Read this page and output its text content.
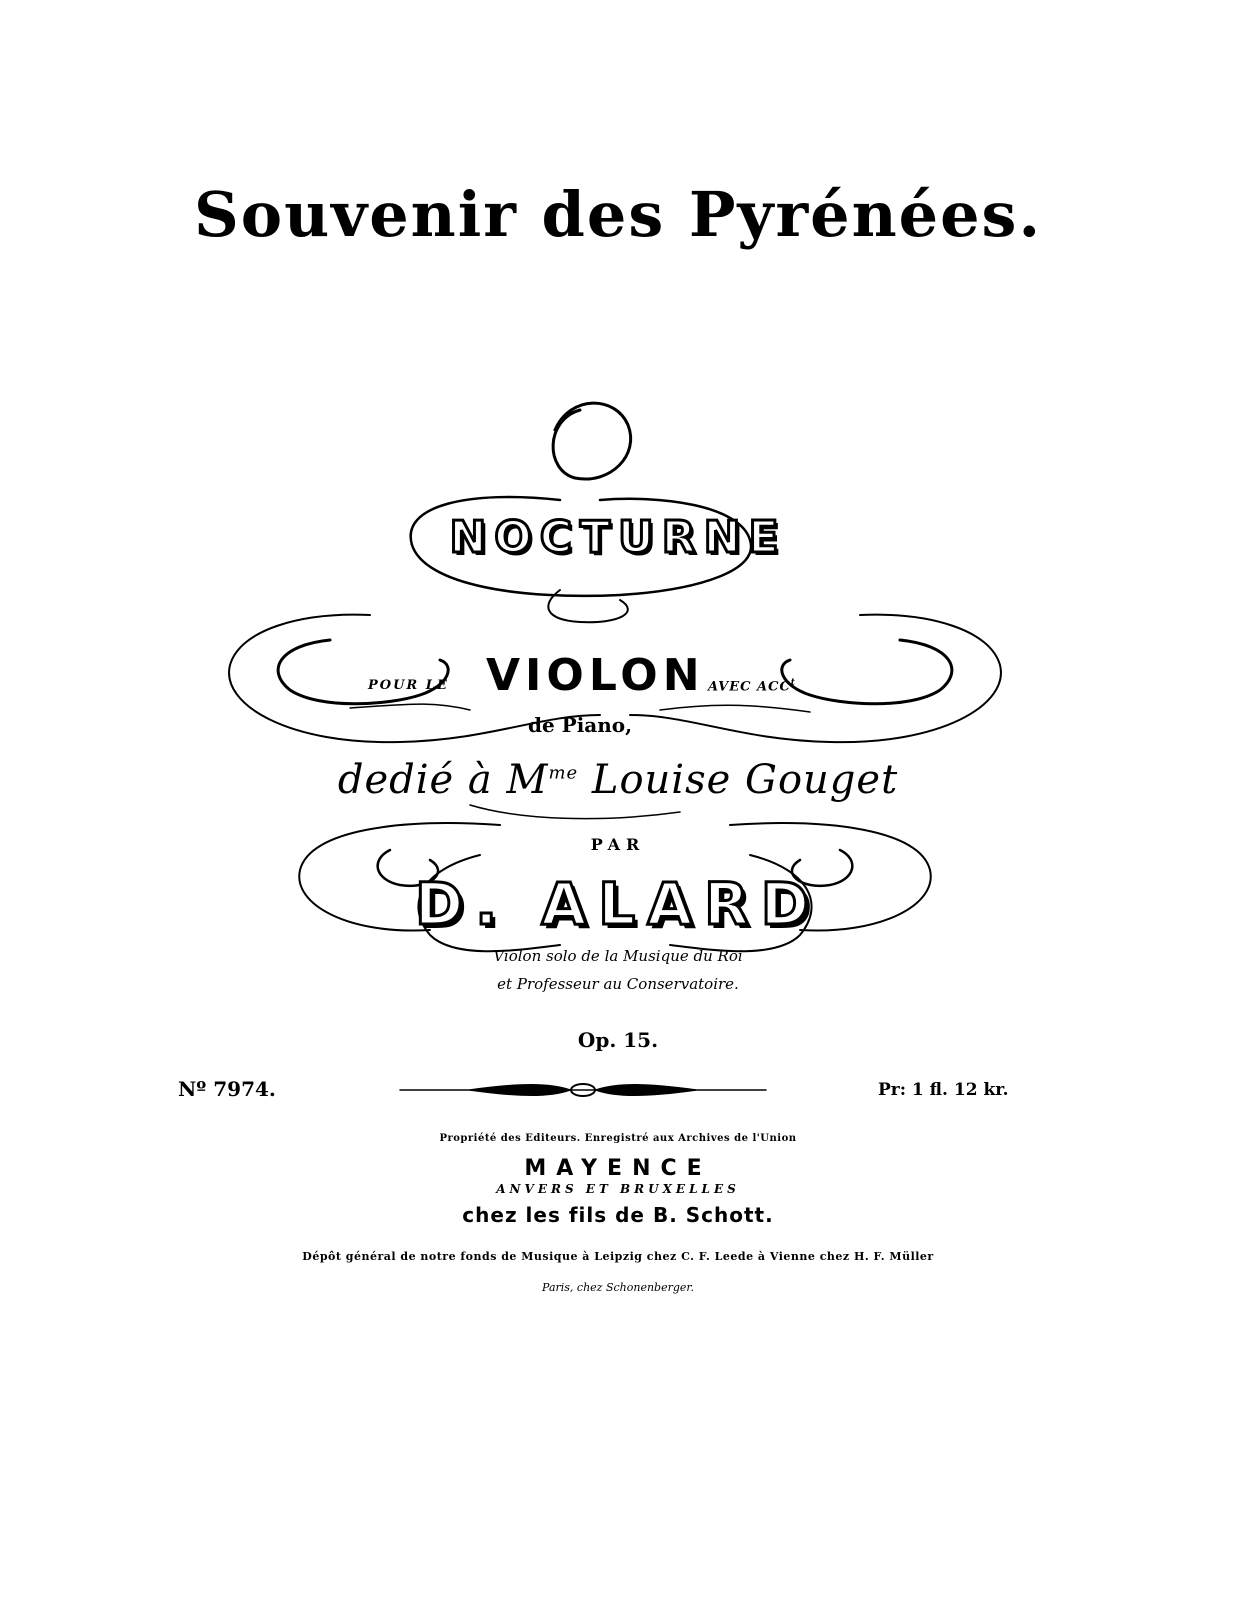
2.
Souvenir des Pyrénées.
NOCTURNE
POUR LE VIOLON AVEC ACC$^t$
de Piano,
dedié à $M^{me}$ Louise Gouget
PAR
D. ALARD
Violon solo de la Musique du Roi
et Professeur au Conservatoire.
Op. 15.
Nº 7974.	Pr: 1 fl. 12 kr.
Propriété des Editeurs. Enregistré aux Archives de l'Union
MAYENCE
ANVERS ET BRUXELLES
chez les fils de B. Schott.
Dépôt général de notre fonds de Musique à Leipzig chez C. F. Leede à Vienne chez H. F. Müller
Paris, chez Schonenberger.
